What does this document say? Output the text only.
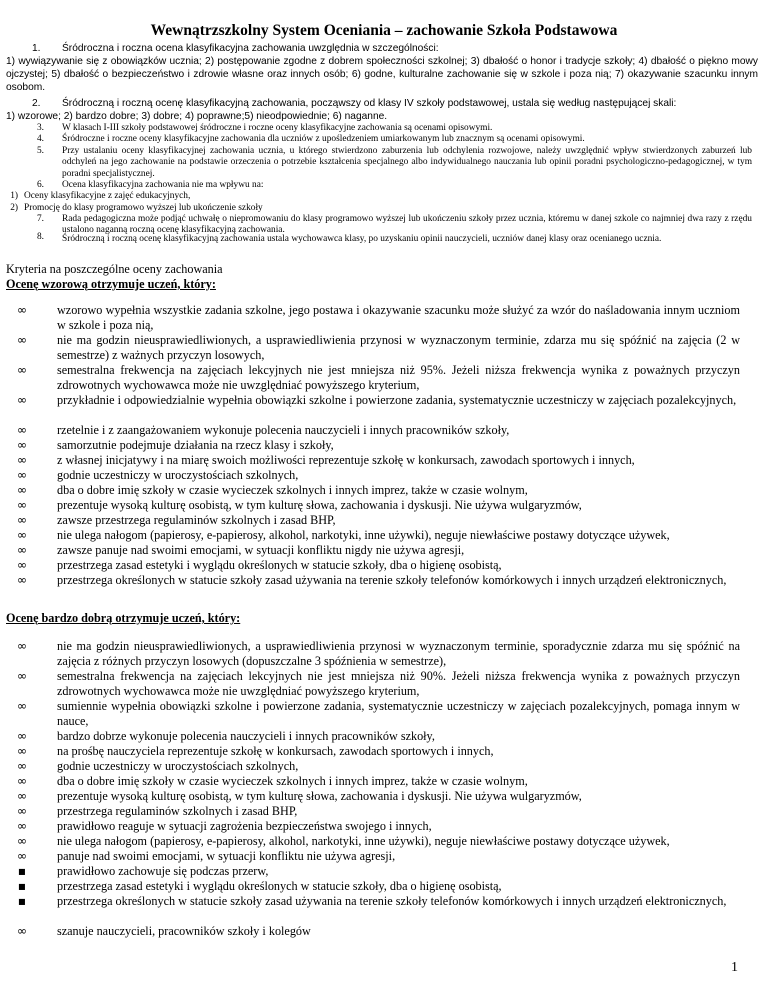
Wewnątrzszkolny System Oceniania – zachowanie Szkoła Podstawowa
1. Śródroczna i roczna ocena klasyfikacyjna zachowania uwzględnia w szczególności:
1) wywiązywanie się z obowiązków ucznia; 2) postępowanie zgodne z dobrem społeczności szkolnej; 3) dbałość o honor i tradycje szkoły; 4) dbałość o piękno mowy ojczystej; 5) dbałość o bezpieczeństwo i zdrowie własne oraz innych osób; 6) godne, kulturalne zachowanie się w szkole i poza nią; 7) okazywanie szacunku innym osobom.
2. Śródroczną i roczną ocenę klasyfikacyjną zachowania, począwszy od klasy IV szkoły podstawowej, ustala się według następującej skali:
1) wzorowe; 2) bardzo dobre; 3) dobre; 4) poprawne;5) nieodpowiednie; 6) naganne.
3. W klasach I-III szkoły podstawowej śródroczne i roczne oceny klasyfikacyjne zachowania są ocenami opisowymi.
4. Śródroczne i roczne oceny klasyfikacyjne zachowania dla uczniów z upośledzeniem umiarkowanym lub znacznym są ocenami opisowymi.
5. Przy ustalaniu oceny klasyfikacyjnej zachowania ucznia, u którego stwierdzono zaburzenia lub odchylenia rozwojowe, należy uwzględnić wpływ stwierdzonych zaburzeń lub odchyleń na jego zachowanie na podstawie orzeczenia o potrzebie kształcenia specjalnego albo indywidualnego nauczania lub opinii poradni psychologiczno-pedagogicznej, w tym poradni specjalistycznej.
6. Ocena klasyfikacyjna zachowania nie ma wpływu na:
1) Oceny klasyfikacyjne z zajęć edukacyjnych,
2) Promocję do klasy programowo wyższej lub ukończenie szkoły
7. Rada pedagogiczna może podjąć uchwałę o niepromowaniu do klasy programowo wyższej lub ukończeniu szkoły przez ucznia, któremu w danej szkole co najmniej dwa razy z rzędu ustalono naganną roczną ocenę klasyfikacyjną zachowania.
8. Śródroczną i roczną ocenę klasyfikacyjną zachowania ustala wychowawca klasy, po uzyskaniu opinii nauczycieli, uczniów danej klasy oraz ocenianego ucznia.
Kryteria na poszczególne oceny zachowania
Ocenę wzorową otrzymuje uczeń, który:
∞ wzorowo wypełnia wszystkie zadania szkolne, jego postawa i okazywanie szacunku może służyć za wzór do naśladowania innym uczniom w szkole i poza nią,
∞ nie ma godzin nieusprawiedliwionych, a usprawiedliwienia przynosi w wyznaczonym terminie, zdarza mu się spóźnić na zajęcia (2 w semestrze) z ważnych przyczyn losowych,
∞ semestralna frekwencja na zajęciach lekcyjnych nie jest mniejsza niż 95%. Jeżeli niższa frekwencja wynika z poważnych przyczyn zdrowotnych wychowawca może nie uwzględniać powyższego kryterium,
∞ przykładnie i odpowiedzialnie wypełnia obowiązki szkolne i powierzone zadania, systematycznie uczestniczy w zajęciach pozalekcyjnych,
∞ rzetelnie i z zaangażowaniem wykonuje polecenia nauczycieli i innych pracowników szkoły,
∞ samorzutnie podejmuje działania na rzecz klasy i szkoły,
∞ z własnej inicjatywy i na miarę swoich możliwości reprezentuje szkołę w konkursach, zawodach sportowych i innych,
∞ godnie uczestniczy w uroczystościach szkolnych,
∞ dba o dobre imię szkoły w czasie wycieczek szkolnych i innych imprez, także w czasie wolnym,
∞ prezentuje wysoką kulturę osobistą, w tym kulturę słowa, zachowania i dyskusji. Nie używa wulgaryzmów,
∞ zawsze przestrzega regulaminów szkolnych i zasad BHP,
∞ nie ulega nałogom (papierosy, e-papierosy, alkohol, narkotyki, inne używki), neguje niewłaściwe postawy dotyczące używek,
∞ zawsze panuje nad swoimi emocjami, w sytuacji konfliktu nigdy nie używa agresji,
∞ przestrzega zasad estetyki i wyglądu określonych w statucie szkoły, dba o higienę osobistą,
∞ przestrzega określonych w statucie szkoły zasad używania na terenie szkoły telefonów komórkowych i innych urządzeń elektronicznych,
Ocenę bardzo dobrą otrzymuje uczeń, który:
∞ nie ma godzin nieusprawiedliwionych, a usprawiedliwienia przynosi w wyznaczonym terminie, sporadycznie zdarza mu się spóźnić na zajęcia z różnych przyczyn losowych (dopuszczalne 3 spóźnienia w semestrze),
∞ semestralna frekwencja na zajęciach lekcyjnych nie jest mniejsza niż 90%. Jeżeli niższa frekwencja wynika z poważnych przyczyn zdrowotnych wychowawca może nie uwzględniać powyższego kryterium,
∞ sumiennie wypełnia obowiązki szkolne i powierzone zadania, systematycznie uczestniczy w zajęciach pozalekcyjnych, pomaga innym w nauce,
∞ bardzo dobrze wykonuje polecenia nauczycieli i innych pracowników szkoły,
∞ na prośbę nauczyciela reprezentuje szkołę w konkursach, zawodach sportowych i innych,
∞ godnie uczestniczy w uroczystościach szkolnych,
∞ dba o dobre imię szkoły w czasie wycieczek szkolnych i innych imprez, także w czasie wolnym,
∞ prezentuje wysoką kulturę osobistą, w tym kulturę słowa, zachowania i dyskusji. Nie używa wulgaryzmów,
∞ przestrzega regulaminów szkolnych i zasad BHP,
∞ prawidłowo reaguje w sytuacji zagrożenia bezpieczeństwa swojego i innych,
∞ nie ulega nałogom (papierosy, e-papierosy, alkohol, narkotyki, inne używki), neguje niewłaściwe postawy dotyczące używek,
∞ panuje nad swoimi emocjami, w sytuacji konfliktu nie używa agresji,
▪	prawidłowo zachowuje się podczas przerw,
▪	przestrzega zasad estetyki i wyglądu określonych w statucie szkoły, dba o higienę osobistą,
▪	przestrzega określonych w statucie szkoły zasad używania na terenie szkoły telefonów komórkowych i innych urządzeń elektronicznych,
∞ szanuje nauczycieli, pracowników szkoły i kolegów
1
